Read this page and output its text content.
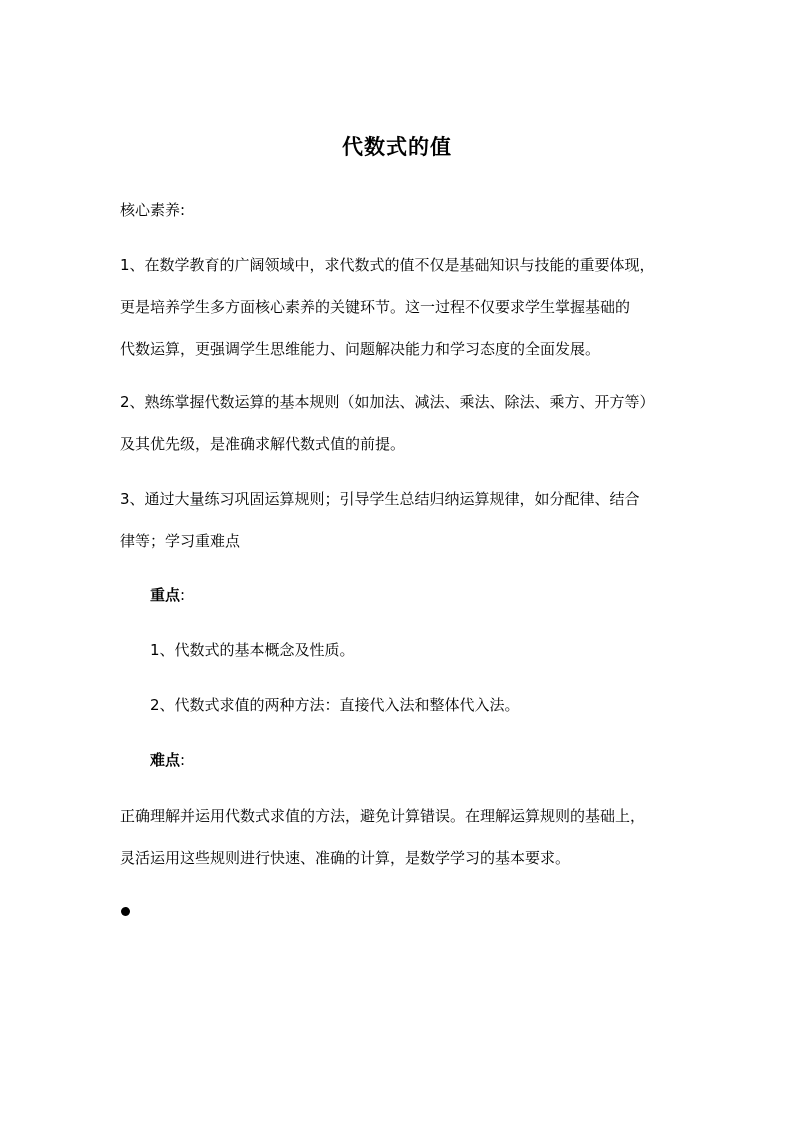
代数式的值
核心素养:
1、在数学教育的广阔领域中，求代数式的值不仅是基础知识与技能的重要体现，
更是培养学生多方面核心素养的关键环节。这一过程不仅要求学生掌握基础的
代数运算，更强调学生思维能力、问题解决能力和学习态度的全面发展。
2、熟练掌握代数运算的基本规则（如加法、减法、乘法、除法、乘方、开方等）
及其优先级，是准确求解代数式值的前提。
3、通过大量练习巩固运算规则；引导学生总结归纳运算规律，如分配律、结合
律等；学习重难点
重点:
1、代数式的基本概念及性质。
2、代数式求值的两种方法：直接代入法和整体代入法。
难点:
正确理解并运用代数式求值的方法，避免计算错误。在理解运算规则的基础上，
灵活运用这些规则进行快速、准确的计算，是数学学习的基本要求。
